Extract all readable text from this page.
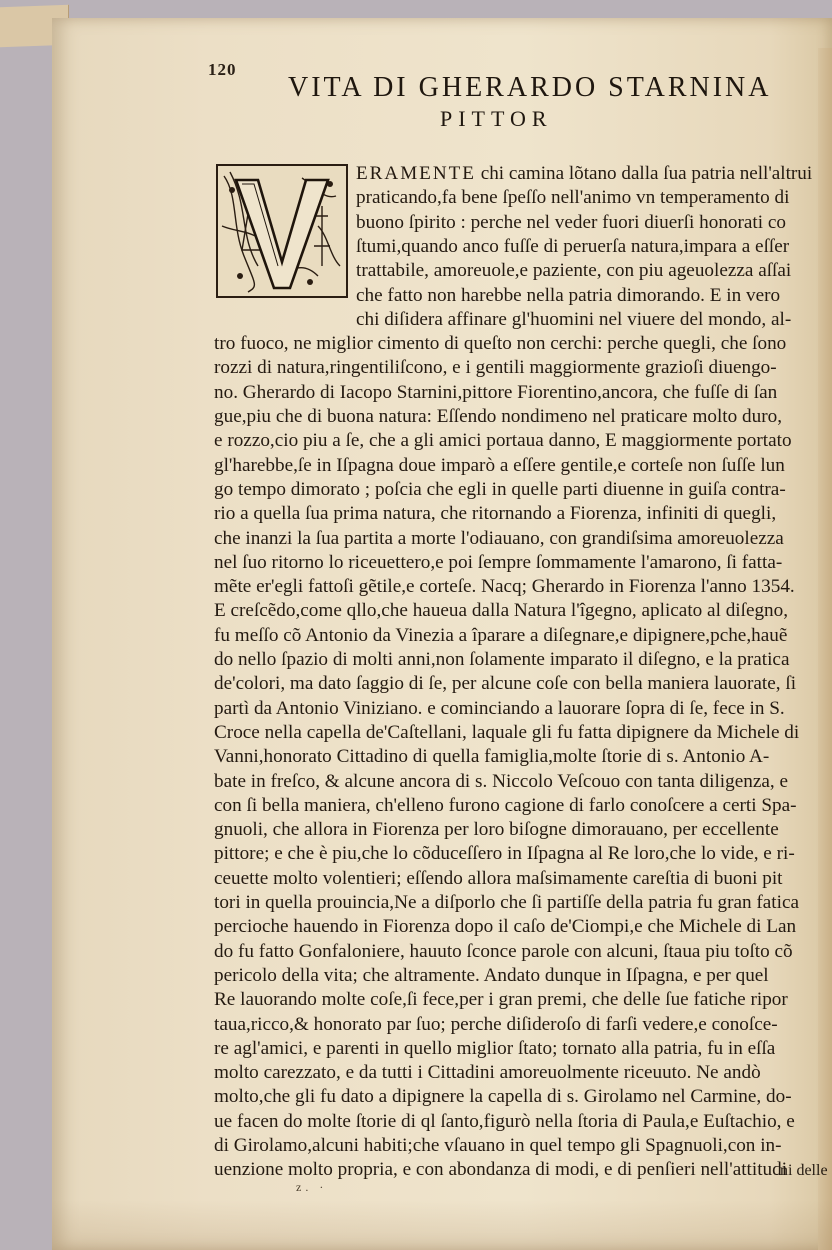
120
VITA DI GHERARDO STARNINA
PITTOR
ERAMENTE chi camina lõtano dalla ſua patria nell'altrui
praticando,fa bene ſpeſſo nell'animo vn temperamento di
buono ſpirito : perche nel veder fuori diuerſi honorati co
ſtumi,quando anco fuſſe di peruerſa natura,impara a eſſer
trattabile, amoreuole,e paziente, con piu ageuolezza aſſai
che fatto non harebbe nella patria dimorando. E in vero
chi diſidera affinare gl'huomini nel viuere del mondo, al-
tro fuoco, ne miglior cimento di queſto non cerchi: perche quegli, che ſono
rozzi di natura,ringentiliſcono, e i gentili maggiormente grazioſi diuengo-
no. Gherardo di Iacopo Starnini,pittore Fiorentino,ancora, che fuſſe di ſan
gue,piu che di buona natura: Eſſendo nondimeno nel praticare molto duro,
e rozzo,cio piu a ſe, che a gli amici portaua danno, E maggiormente portato
gl'harebbe,ſe in Iſpagna doue imparò a eſſere gentile,e corteſe non ſuſſe lun
go tempo dimorato ; poſcia che egli in quelle parti diuenne in guiſa contra-
rio a quella ſua prima natura, che ritornando a Fiorenza, infiniti di quegli,
che inanzi la ſua partita a morte l'odiauano, con grandiſsima amoreuolezza
nel ſuo ritorno lo riceuettero,e poi ſempre ſommamente l'amarono, ſi fatta-
mẽte er'egli fattoſi gẽtile,e corteſe. Nacq; Gherardo in Fiorenza l'anno 1354.
E creſcẽdo,come qllo,che haueua dalla Natura l'îgegno, aplicato al diſegno,
fu meſſo cõ Antonio da Vinezia a îparare a diſegnare,e dipignere,pche,hauẽ
do nello ſpazio di molti anni,non ſolamente imparato il diſegno, e la pratica
de'colori, ma dato ſaggio di ſe, per alcune coſe con bella maniera lauorate, ſi
partì da Antonio Viniziano. e cominciando a lauorare ſopra di ſe, fece in S.
Croce nella capella de'Caſtellani, laquale gli fu fatta dipignere da Michele di
Vanni,honorato Cittadino di quella famiglia,molte ſtorie di s. Antonio A-
bate in freſco, & alcune ancora di s. Niccolo Veſcouo con tanta diligenza, e
con ſi bella maniera, ch'elleno furono cagione di farlo conoſcere a certi Spa-
gnuoli, che allora in Fiorenza per loro biſogne dimorauano, per eccellente
pittore; e che è piu,che lo cõduceſſero in Iſpagna al Re loro,che lo vide, e ri-
ceuette molto volentieri; eſſendo allora maſsimamente careſtia di buoni pit
tori in quella prouincia,Ne a diſporlo che ſi partiſſe della patria fu gran fatica
percioche hauendo in Fiorenza dopo il caſo de'Ciompi,e che Michele di Lan
do fu fatto Gonfaloniere, hauuto ſconce parole con alcuni, ſtaua piu toſto cõ
pericolo della vita; che altramente. Andato dunque in Iſpagna, e per quel
Re lauorando molte coſe,ſi fece,per i gran premi, che delle ſue fatiche ripor
taua,ricco,& honorato par ſuo; perche diſideroſo di farſi vedere,e conoſce-
re agl'amici, e parenti in quello miglior ſtato; tornato alla patria, fu in eſſa
molto carezzato, e da tutti i Cittadini amoreuolmente riceuuto. Ne andò
molto,che gli fu dato a dipignere la capella di s. Girolamo nel Carmine, do-
ue facen do molte ſtorie di ql ſanto,figurò nella ſtoria di Paula,e Euſtachio, e
di Girolamo,alcuni habiti;che vſauano in quel tempo gli Spagnuoli,con in-
uenzione molto propria, e con abondanza di modi, e di penſieri nell'attitudi
ni delle
z. ·
